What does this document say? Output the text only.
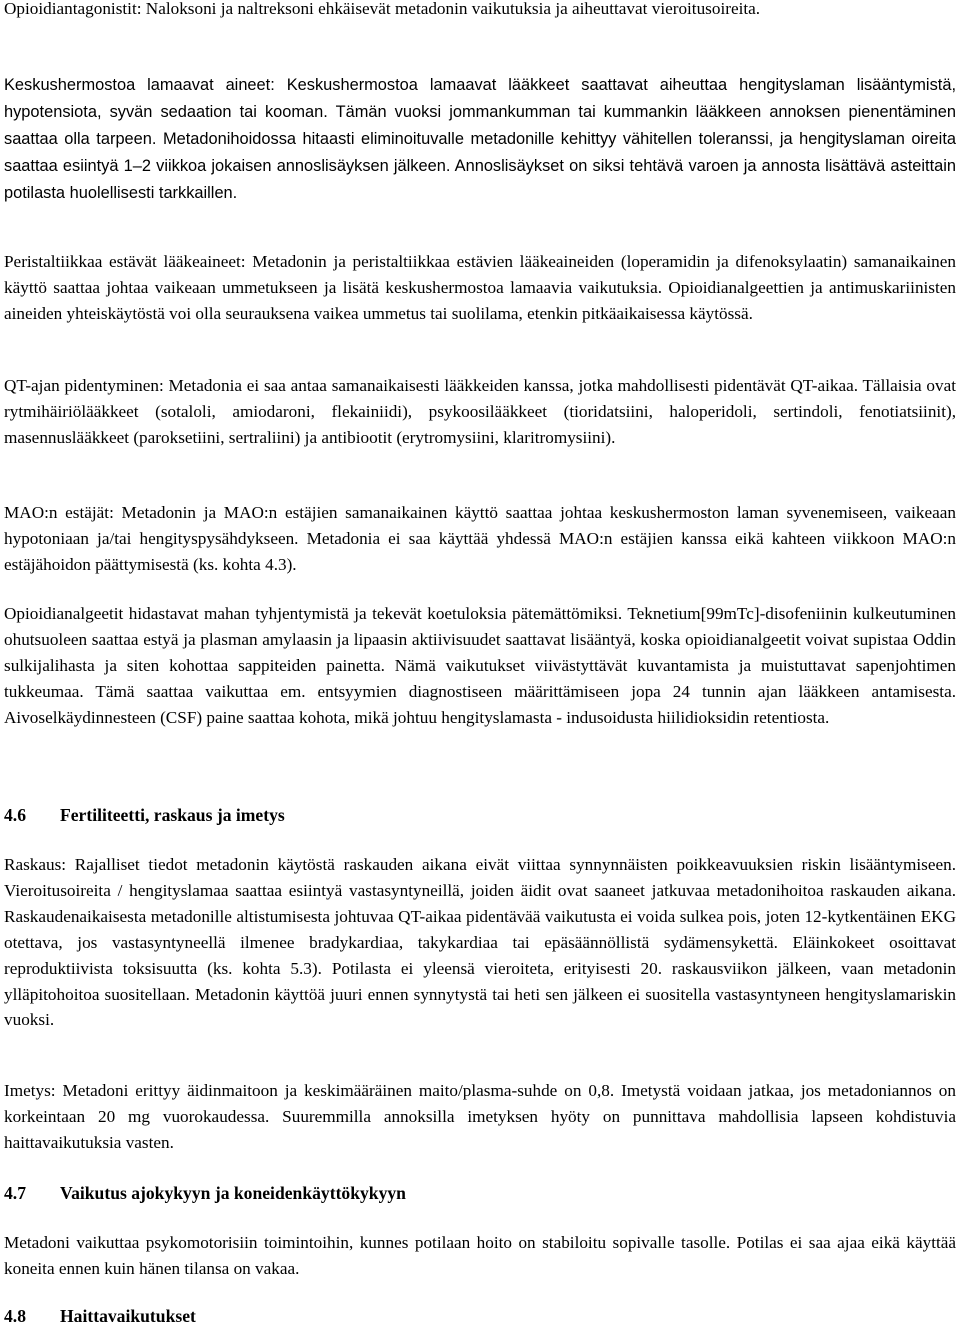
Opioidiantagonistit: Naloksoni ja naltreksoni ehkäisevät metadonin vaikutuksia ja aiheuttavat vieroitusoireita.

Keskushermostoa lamaavat aineet: Keskushermostoa lamaavat lääkkeet saattavat aiheuttaa hengityslaman lisääntymistä, hypotensiota, syvän sedaation tai kooman. Tämän vuoksi jommankumman tai kummankin lääkkeen annoksen pienentäminen saattaa olla tarpeen. Metadonihoidossa hitaasti eliminoituvalle metadonille kehittyy vähitellen toleranssi, ja hengityslaman oireita saattaa esiintyä 1–2 viikkoa jokaisen annoslisäyksen jälkeen. Annoslisäykset on siksi tehtävä varoen ja annosta lisättävä asteittain potilasta huolellisesti tarkkaillen.

Peristaltiikkaa estävät lääkeaineet: Metadonin ja peristaltiikkaa estävien lääkeaineiden (loperamidin ja difenoksylaatin) samanaikainen käyttö saattaa johtaa vaikeaan ummetukseen ja lisätä keskushermostoa lamaavia vaikutuksia. Opioidianalgeettien ja antimuskariinisten aineiden yhteiskäytöstä voi olla seurauksena vaikea ummetus tai suolilama, etenkin pitkäaikaisessa käytössä.

QT-ajan pidentyminen: Metadonia ei saa antaa samanaikaisesti lääkkeiden kanssa, jotka mahdollisesti pidentävät QT-aikaa. Tällaisia ovat rytmihäiriölääkkeet (sotaloli, amiodaroni, flekainiidi), psykoosilääkkeet (tioridatsiini, haloperidoli, sertindoli, fenotiatsiinit), masennuslääkkeet (paroksetiini, sertraliini) ja antibiootit (erytromysiini, klaritromysiini).

MAO:n estäjät: Metadonin ja MAO:n estäjien samanaikainen käyttö saattaa johtaa keskushermoston laman syvenemiseen, vaikeaan hypotoniaan ja/tai hengityspysähdykseen. Metadonia ei saa käyttää yhdessä MAO:n estäjien kanssa eikä kahteen viikkoon MAO:n estäjähoidon päättymisestä (ks. kohta 4.3).

Opioidianalgeetit hidastavat mahan tyhjentymistä ja tekevät koetuloksia pätemättömiksi. Teknetium[99mTc]-disofeniinin kulkeutuminen ohutsuoleen saattaa estyä ja plasman amylaasin ja lipaasin aktiivisuudet saattavat lisääntyä, koska opioidianalgeetit voivat supistaa Oddin sulkijalihasta ja siten kohottaa sappiteiden painetta. Nämä vaikutukset viivästyttävät kuvantamista ja muistuttavat sapenjohtimen tukkeumaa. Tämä saattaa vaikuttaa em. entsyymien diagnostiseen määrittämiseen jopa 24 tunnin ajan lääkkeen antamisesta. Aivoselkäydinnesteen (CSF) paine saattaa kohota, mikä johtuu hengityslamasta - indusoidusta hiilidioksidin retentiosta.

4.6 Fertiliteetti, raskaus ja imetys

Raskaus: Rajalliset tiedot metadonin käytöstä raskauden aikana eivät viittaa synnynnäisten poikkeavuuksien riskin lisääntymiseen. Vieroitusoireita / hengityslamaa saattaa esiintyä vastasyntyneillä, joiden äidit ovat saaneet jatkuvaa metadonihoitoa raskauden aikana. Raskaudenaikaisesta metadonille altistumisesta johtuvaa QT-aikaa pidentävää vaikutusta ei voida sulkea pois, joten 12-kytkentäinen EKG otettava, jos vastasyntyneellä ilmenee bradykardiaa, takykardiaa tai epäsäännöllistä sydämensykettä. Eläinkokeet osoittavat reproduktiivista toksisuutta (ks. kohta 5.3). Potilasta ei yleensä vieroiteta, erityisesti 20. raskausviikon jälkeen, vaan metadonin ylläpitohoitoa suositellaan. Metadonin käyttöä juuri ennen synnytystä tai heti sen jälkeen ei suositella vastasyntyneen hengityslamariskin vuoksi.

Imetys: Metadoni erittyy äidinmaitoon ja keskimääräinen maito/plasma-suhde on 0,8. Imetystä voidaan jatkaa, jos metadoniannos on korkeintaan 20 mg vuorokaudessa. Suuremmilla annoksilla imetyksen hyöty on punnittava mahdollisia lapseen kohdistuvia haittavaikutuksia vasten.

4.7 Vaikutus ajokykyyn ja koneidenkäyttökykyyn

Metadoni vaikuttaa psykomotorisiin toimintoihin, kunnes potilaan hoito on stabiloitu sopivalle tasolle. Potilas ei saa ajaa eikä käyttää koneita ennen kuin hänen tilansa on vakaa.

4.8 Haittavaikutukset
